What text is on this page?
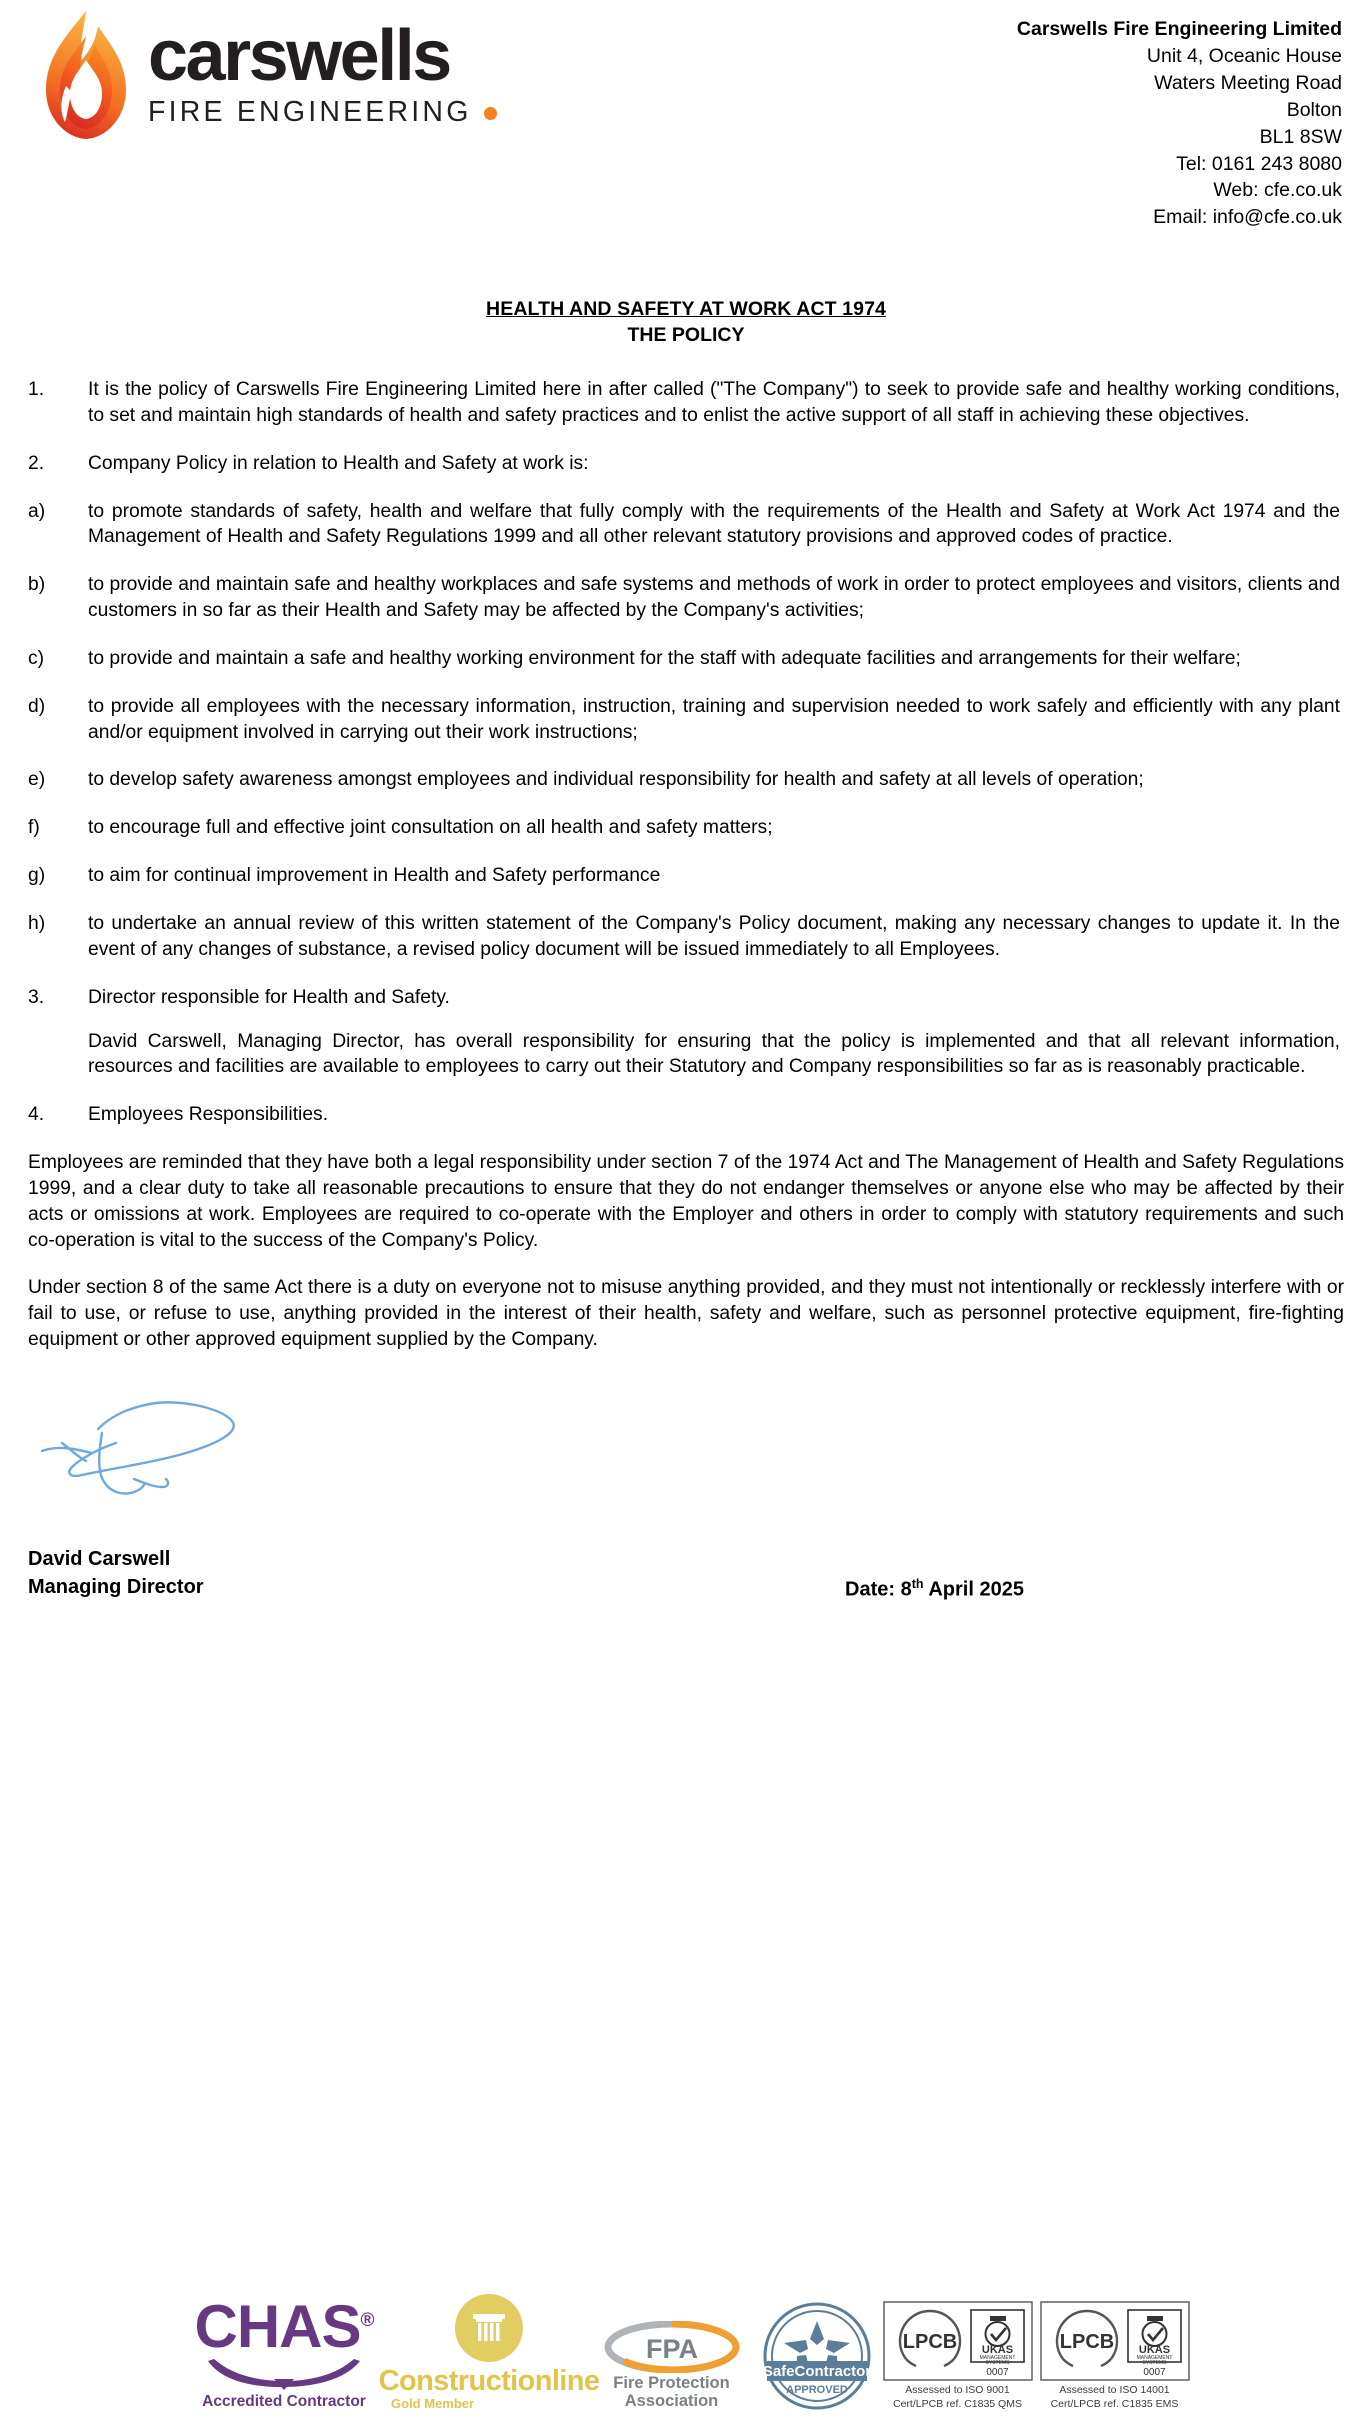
carswells
FIRE ENGINEERING
Carswells Fire Engineering Limited
Unit 4, Oceanic House
Waters Meeting Road
Bolton
BL1 8SW
Tel: 0161 243 8080
Web: cfe.co.uk
Email: info@cfe.co.uk
HEALTH AND SAFETY AT WORK ACT 1974
THE POLICY
1.	It is the policy of Carswells Fire Engineering Limited here in after called ("The Company") to seek to provide safe and healthy working conditions, to set and maintain high standards of health and safety practices and to enlist the active support of all staff in achieving these objectives.
2.	Company Policy in relation to Health and Safety at work is:
a)	to promote standards of safety, health and welfare that fully comply with the requirements of the Health and Safety at Work Act 1974 and the Management of Health and Safety Regulations 1999 and all other relevant statutory provisions and approved codes of practice.
b)	to provide and maintain safe and healthy workplaces and safe systems and methods of work in order to protect employees and visitors, clients and customers in so far as their Health and Safety may be affected by the Company's activities;
c)	to provide and maintain a safe and healthy working environment for the staff with adequate facilities and arrangements for their welfare;
d)	to provide all employees with the necessary information, instruction, training and supervision needed to work safely and efficiently with any plant and/or equipment involved in carrying out their work instructions;
e)	to develop safety awareness amongst employees and individual responsibility for health and safety at all levels of operation;
f)	to encourage full and effective joint consultation on all health and safety matters;
g)	to aim for continual improvement in Health and Safety performance
h)	to undertake an annual review of this written statement of the Company's Policy document, making any necessary changes to update it. In the event of any changes of substance, a revised policy document will be issued immediately to all Employees.
3.	Director responsible for Health and Safety.
David Carswell, Managing Director, has overall responsibility for ensuring that the policy is implemented and that all relevant information, resources and facilities are available to employees to carry out their Statutory and Company responsibilities so far as is reasonably practicable.
4.	Employees Responsibilities.
Employees are reminded that they have both a legal responsibility under section 7 of the 1974 Act and The Management of Health and Safety Regulations 1999, and a clear duty to take all reasonable precautions to ensure that they do not endanger themselves or anyone else who may be affected by their acts or omissions at work. Employees are required to co-operate with the Employer and others in order to comply with statutory requirements and such co-operation is vital to the success of the Company's Policy.
Under section 8 of the same Act there is a duty on everyone not to misuse anything provided, and they must not intentionally or recklessly interfere with or fail to use, or refuse to use, anything provided in the interest of their health, safety and welfare, such as personnel protective equipment, fire-fighting equipment or other approved equipment supplied by the Company.
David Carswell
Managing Director	Date: 8th April 2025
CHAS®
Accredited Contractor
Constructionline
Gold Member
FPA
Fire Protection
Association
SafeContractor
APPROVED
LPCB UKAS
MANAGEMENT
SYSTEMS
0007
Assessed to ISO 9001
Cert/LPCB ref. C1835 QMS
LPCB UKAS
MANAGEMENT
SYSTEMS
0007
Assessed to ISO 14001
Cert/LPCB ref. C1835 EMS
